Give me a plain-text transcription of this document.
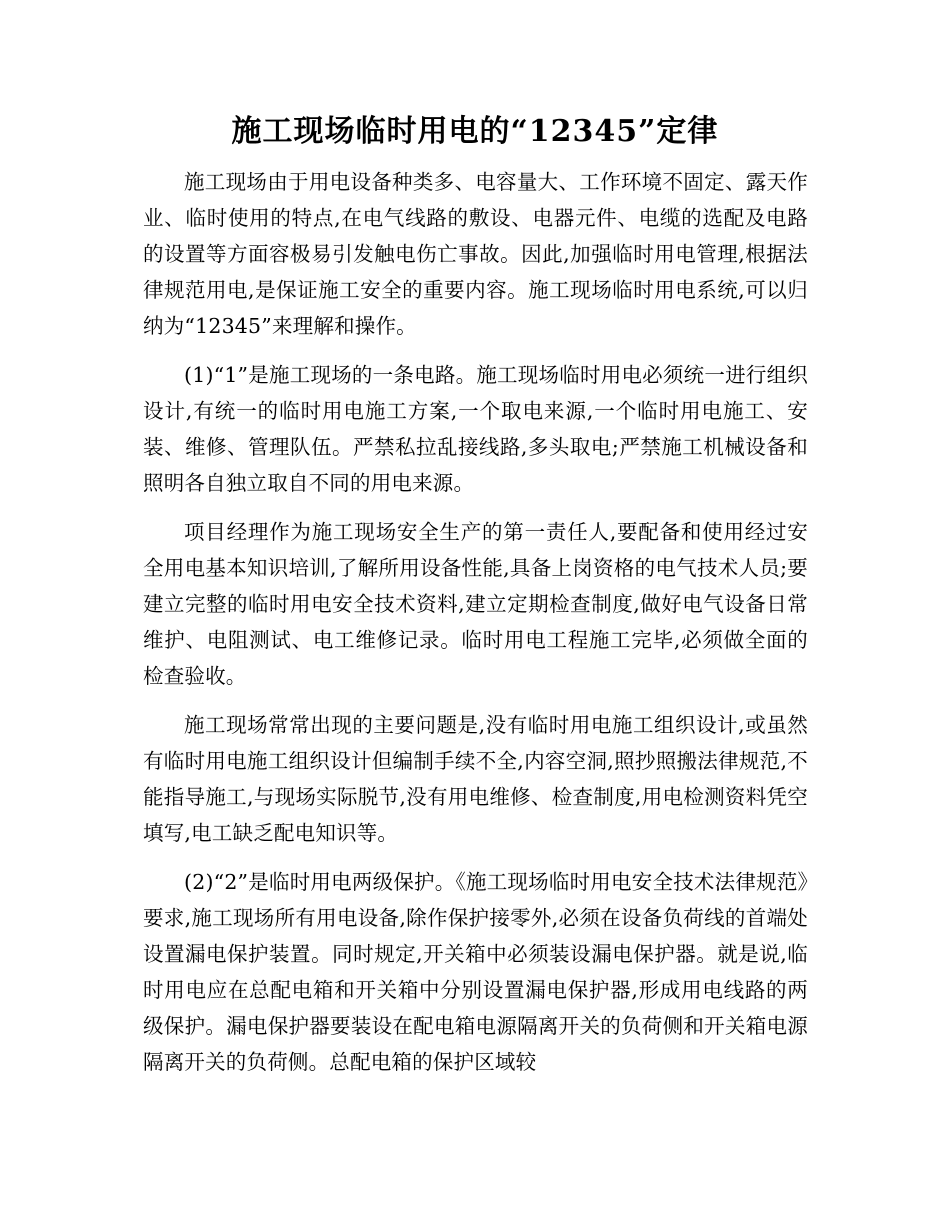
施工现场临时用电的“12345”定律

施工现场由于用电设备种类多、电容量大、工作环境不固定、露天作业、临时使用的特点,在电气线路的敷设、电器元件、电缆的选配及电路的设置等方面容极易引发触电伤亡事故。因此,加强临时用电管理,根据法律规范用电,是保证施工安全的重要内容。施工现场临时用电系统,可以归纳为“12345”来理解和操作。

(1)“1”是施工现场的一条电路。施工现场临时用电必须统一进行组织设计,有统一的临时用电施工方案,一个取电来源,一个临时用电施工、安装、维修、管理队伍。严禁私拉乱接线路,多头取电;严禁施工机械设备和照明各自独立取自不同的用电来源。

项目经理作为施工现场安全生产的第一责任人,要配备和使用经过安全用电基本知识培训,了解所用设备性能,具备上岗资格的电气技术人员;要建立完整的临时用电安全技术资料,建立定期检查制度,做好电气设备日常维护、电阻测试、电工维修记录。临时用电工程施工完毕,必须做全面的检查验收。

施工现场常常出现的主要问题是,没有临时用电施工组织设计,或虽然有临时用电施工组织设计但编制手续不全,内容空洞,照抄照搬法律规范,不能指导施工,与现场实际脱节,没有用电维修、检查制度,用电检测资料凭空填写,电工缺乏配电知识等。

(2)“2”是临时用电两级保护。《施工现场临时用电安全技术法律规范》要求,施工现场所有用电设备,除作保护接零外,必须在设备负荷线的首端处设置漏电保护装置。同时规定,开关箱中必须装设漏电保护器。就是说,临时用电应在总配电箱和开关箱中分别设置漏电保护器,形成用电线路的两级保护。漏电保护器要装设在配电箱电源隔离开关的负荷侧和开关箱电源隔离开关的负荷侧。总配电箱的保护区域较
